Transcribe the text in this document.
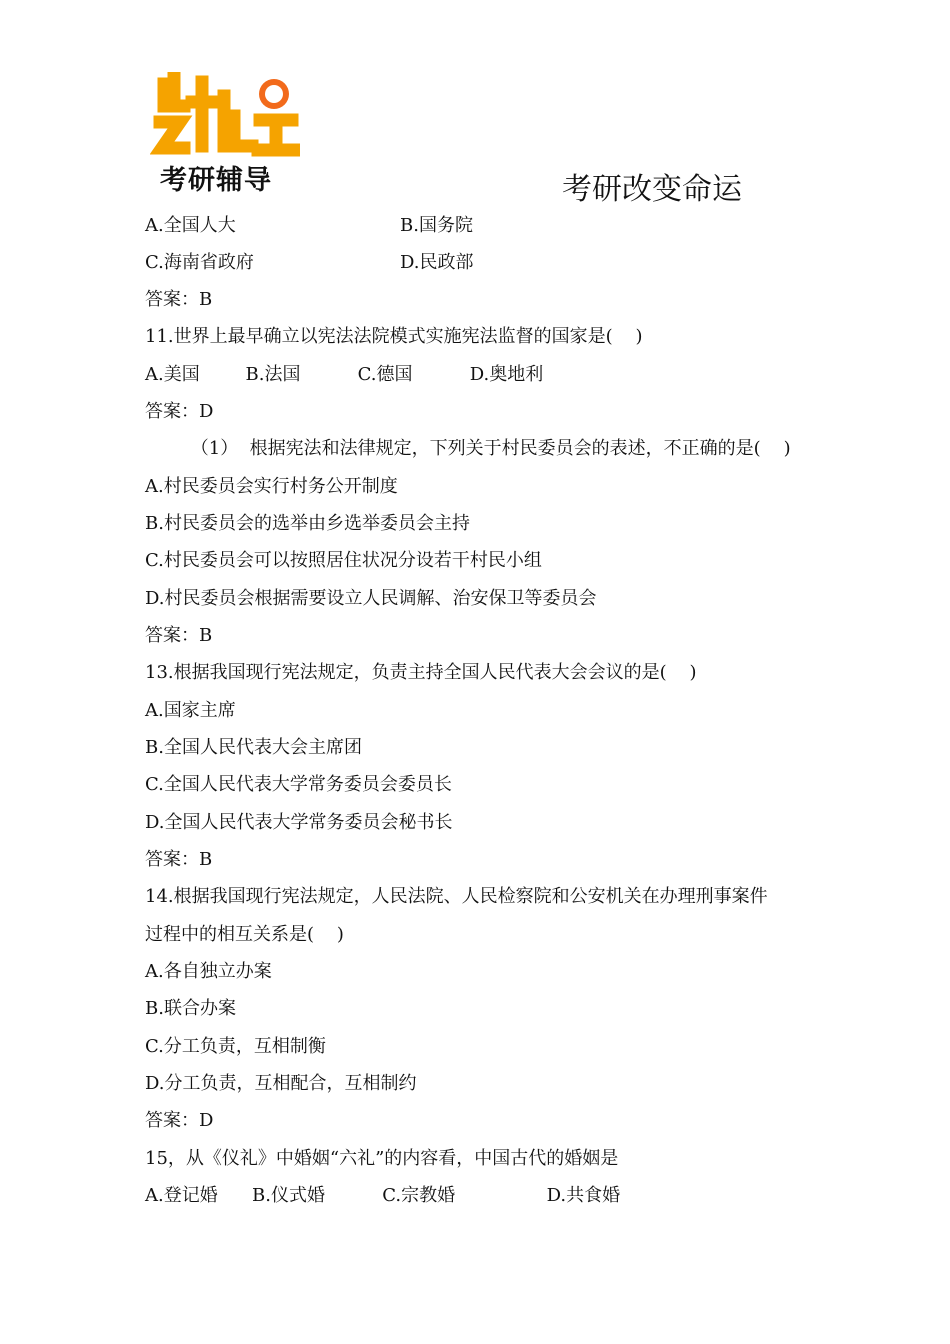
考研辅导	考研改变命运
A.全国人大	B.国务院
C.海南省政府	D.民政部
答案：B
11.世界上最早确立以宪法法院模式实施宪法监督的国家是(    )
A.美国        B.法国          C.德国          D.奥地利
答案：D
（1）  根据宪法和法律规定，下列关于村民委员会的表述，不正确的是(    )
A.村民委员会实行村务公开制度
B.村民委员会的选举由乡选举委员会主持
C.村民委员会可以按照居住状况分设若干村民小组
D.村民委员会根据需要设立人民调解、治安保卫等委员会
答案：B
13.根据我国现行宪法规定，负责主持全国人民代表大会会议的是(    )
A.国家主席
B.全国人民代表大会主席团
C.全国人民代表大学常务委员会委员长
D.全国人民代表大学常务委员会秘书长
答案：B
14.根据我国现行宪法规定，人民法院、人民检察院和公安机关在办理刑事案件
过程中的相互关系是(    )
A.各自独立办案
B.联合办案
C.分工负责，互相制衡
D.分工负责，互相配合，互相制约
答案：D
15，从《仪礼》中婚姻“六礼”的内容看，中国古代的婚姻是
A.登记婚      B.仪式婚          C.宗教婚                D.共食婚
